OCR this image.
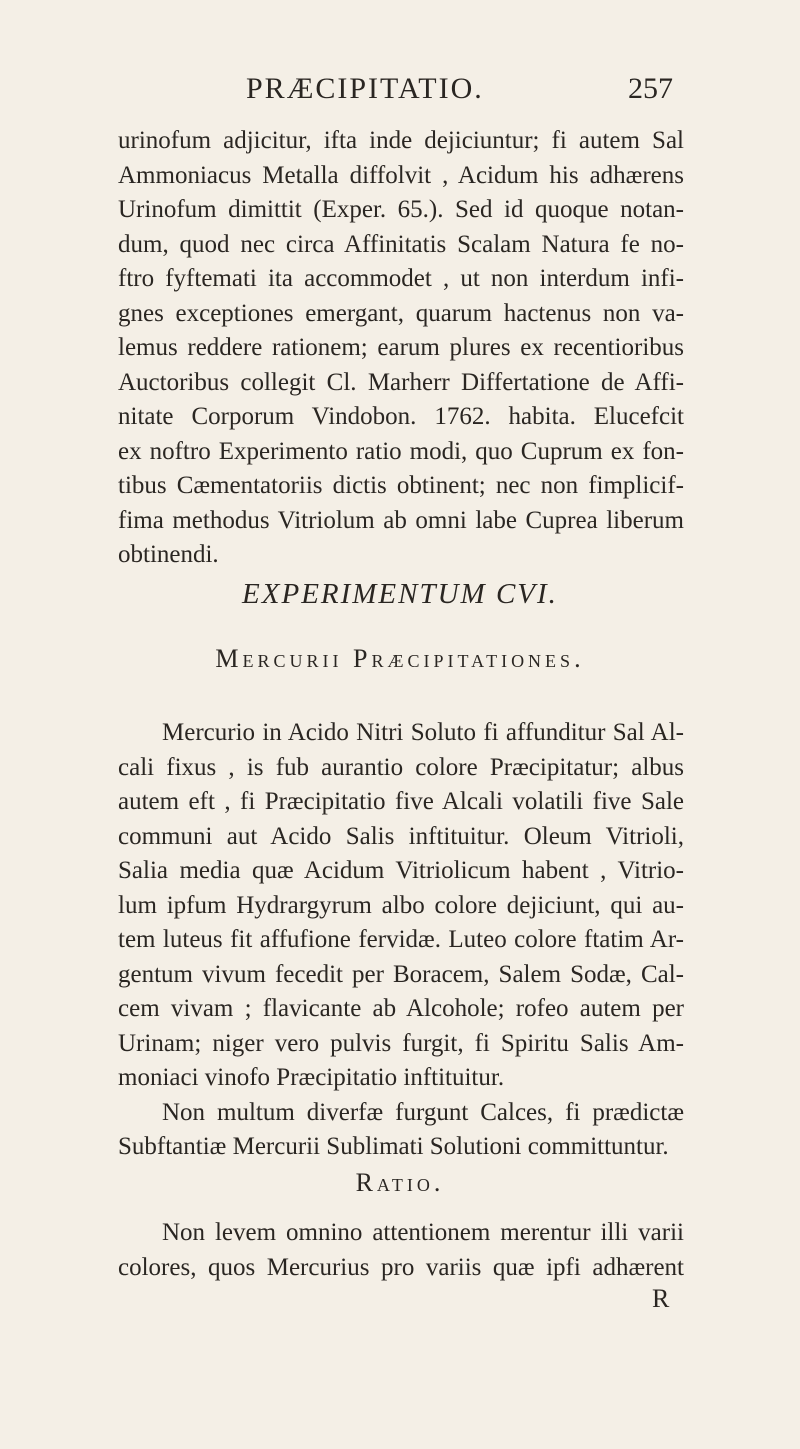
PRÆCIPITATIO.	257
urinofum adjicitur, ifta inde dejiciuntur; fi autem Sal
Ammoniacus Metalla diffolvit , Acidum his adhærens
Urinofum dimittit (Exper. 65.). Sed id quoque notan-
dum, quod nec circa Affinitatis Scalam Natura fe no-
ftro fyftemati ita accommodet , ut non interdum infi-
gnes exceptiones emergant, quarum hactenus non va-
lemus reddere rationem; earum plures ex recentioribus
Auctoribus collegit Cl. Marherr Differtatione de Affi-
nitate Corporum Vindobon. 1762. habita. Elucefcit
ex noftro Experimento ratio modi, quo Cuprum ex fon-
tibus Cæmentatoriis dictis obtinent; nec non fimplicif-
fima methodus Vitriolum ab omni labe Cuprea liberum
obtinendi.
EXPERIMENTUM CVI.
Mercurii Præcipitationes.
Mercurio in Acido Nitri Soluto fi affunditur Sal Al-
cali fixus , is fub aurantio colore Præcipitatur; albus
autem eft , fi Præcipitatio five Alcali volatili five Sale
communi aut Acido Salis inftituitur. Oleum Vitrioli,
Salia media quæ Acidum Vitriolicum habent , Vitrio-
lum ipfum Hydrargyrum albo colore dejiciunt, qui au-
tem luteus fit affufione fervidæ. Luteo colore ftatim Ar-
gentum vivum fecedit per Boracem, Salem Sodæ, Cal-
cem vivam ; flavicante ab Alcohole; rofeo autem per
Urinam; niger vero pulvis furgit, fi Spiritu Salis Am-
moniaci vinofo Præcipitatio inftituitur.
Non multum diverfæ furgunt Calces, fi prædictæ
Subftantiæ Mercurii Sublimati Solutioni committuntur.
Ratio.
Non levem omnino attentionem merentur illi varii
colores, quos Mercurius pro variis quæ ipfi adhærent
R
